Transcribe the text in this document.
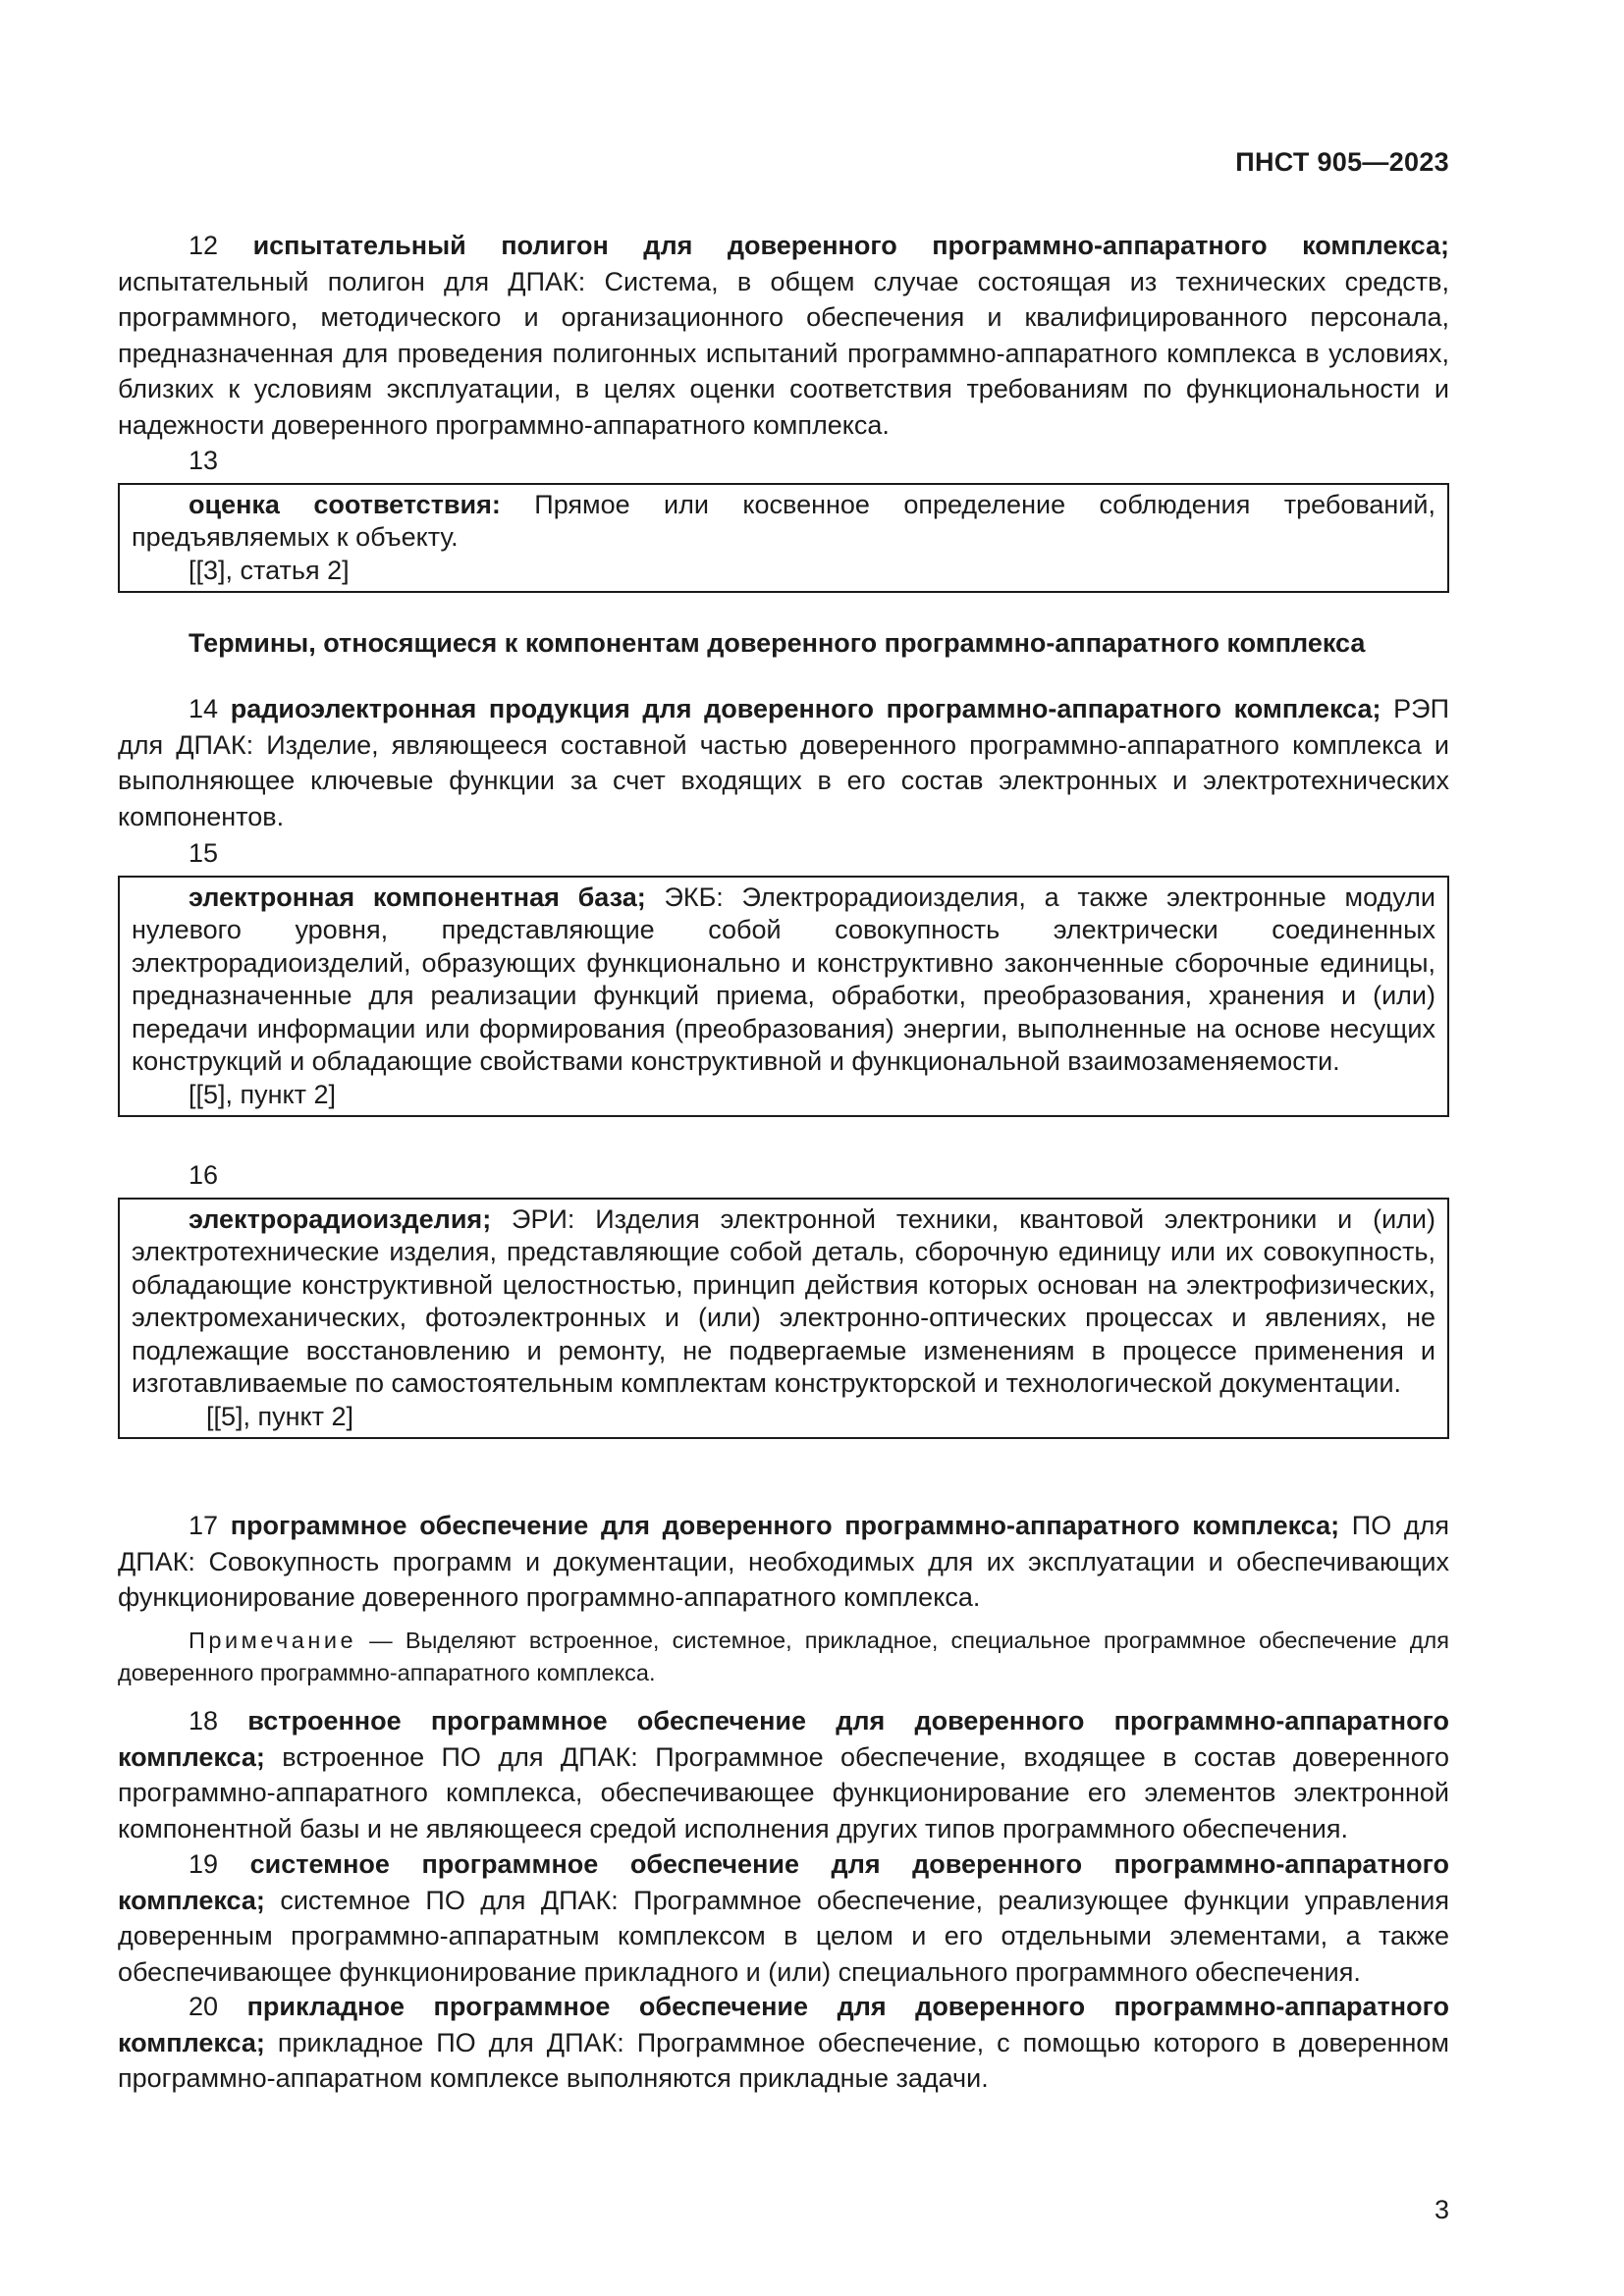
ПНСТ 905—2023

12 испытательный полигон для доверенного программно-аппаратного комплекса; испытательный полигон для ДПАК: Система, в общем случае состоящая из технических средств, программного, методического и организационного обеспечения и квалифицированного персонала, предназначенная для проведения полигонных испытаний программно-аппаратного комплекса в условиях, близких к условиям эксплуатации, в целях оценки соответствия требованиям по функциональности и надежности доверенного программно-аппаратного комплекса.

13

оценка соответствия: Прямое или косвенное определение соблюдения требований, предъявляемых к объекту.

[[3], статья 2]

Термины, относящиеся к компонентам доверенного программно-аппаратного комплекса

14 радиоэлектронная продукция для доверенного программно-аппаратного комплекса; РЭП для ДПАК: Изделие, являющееся составной частью доверенного программно-аппаратного комплекса и выполняющее ключевые функции за счет входящих в его состав электронных и электротехнических компонентов.

15

электронная компонентная база; ЭКБ: Электрорадиоизделия, а также электронные модули нулевого уровня, представляющие собой совокупность электрически соединенных электрорадиоизделий, образующих функционально и конструктивно законченные сборочные единицы, предназначенные для реализации функций приема, обработки, преобразования, хранения и (или) передачи информации или формирования (преобразования) энергии, выполненные на основе несущих конструкций и обладающие свойствами конструктивной и функциональной взаимозаменяемости.

[[5], пункт 2]

16

электрорадиоизделия; ЭРИ: Изделия электронной техники, квантовой электроники и (или) электротехнические изделия, представляющие собой деталь, сборочную единицу или их совокупность, обладающие конструктивной целостностью, принцип действия которых основан на электрофизических, электромеханических, фотоэлектронных и (или) электронно-оптических процессах и явлениях, не подлежащие восстановлению и ремонту, не подвергаемые изменениям в процессе применения и изготавливаемые по самостоятельным комплектам конструкторской и технологической документации.

[[5], пункт 2]

17 программное обеспечение для доверенного программно-аппаратного комплекса; ПО для ДПАК: Совокупность программ и документации, необходимых для их эксплуатации и обеспечивающих функционирование доверенного программно-аппаратного комплекса.

Примечание — Выделяют встроенное, системное, прикладное, специальное программное обеспечение для доверенного программно-аппаратного комплекса.

18 встроенное программное обеспечение для доверенного программно-аппаратного комплекса; встроенное ПО для ДПАК: Программное обеспечение, входящее в состав доверенного программно-аппаратного комплекса, обеспечивающее функционирование его элементов электронной компонентной базы и не являющееся средой исполнения других типов программного обеспечения.

19 системное программное обеспечение для доверенного программно-аппаратного комплекса; системное ПО для ДПАК: Программное обеспечение, реализующее функции управления доверенным программно-аппаратным комплексом в целом и его отдельными элементами, а также обеспечивающее функционирование прикладного и (или) специального программного обеспечения.

20 прикладное программное обеспечение для доверенного программно-аппаратного комплекса; прикладное ПО для ДПАК: Программное обеспечение, с помощью которого в доверенном программно-аппаратном комплексе выполняются прикладные задачи.

3
